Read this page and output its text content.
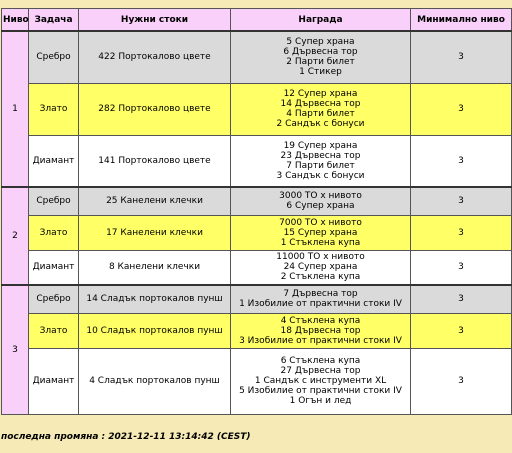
Ниво	Задача	Нужни стоки	Награда	Минимално ниво
1	Сребро	422 Портокалово цвете	5 Супер храна
6 Дървесна тор
2 Парти билет
1 Стикер	3
	Злато	282 Портокалово цвете	12 Супер храна
14 Дървесна тор
4 Парти билет
2 Сандък с бонуси	3
	Диамант	141 Портокалово цвете	19 Супер храна
23 Дървесна тор
7 Парти билет
3 Сандък с бонуси	3
2	Сребро	25 Канелени клечки	3000 ТО х нивото
6 Супер храна	3
	Злато	17 Канелени клечки	7000 ТО х нивото
15 Супер храна
1 Стъклена купа	3
	Диамант	8 Канелени клечки	11000 ТО х нивото
24 Супер храна
2 Стъклена купа	3
3	Сребро	14 Сладък портокалов пунш	7 Дървесна тор
1 Изобилие от практични стоки IV	3
	Злато	10 Сладък портокалов пунш	4 Стъклена купа
18 Дървесна тор
3 Изобилие от практични стоки IV	3
	Диамант	4 Сладък портокалов пунш	6 Стъклена купа
27 Дървесна тор
1 Сандък с инструменти XL
5 Изобилие от практични стоки IV
1 Огън и лед	3
последна промяна : 2021-12-11 13:14:42 (CEST)
